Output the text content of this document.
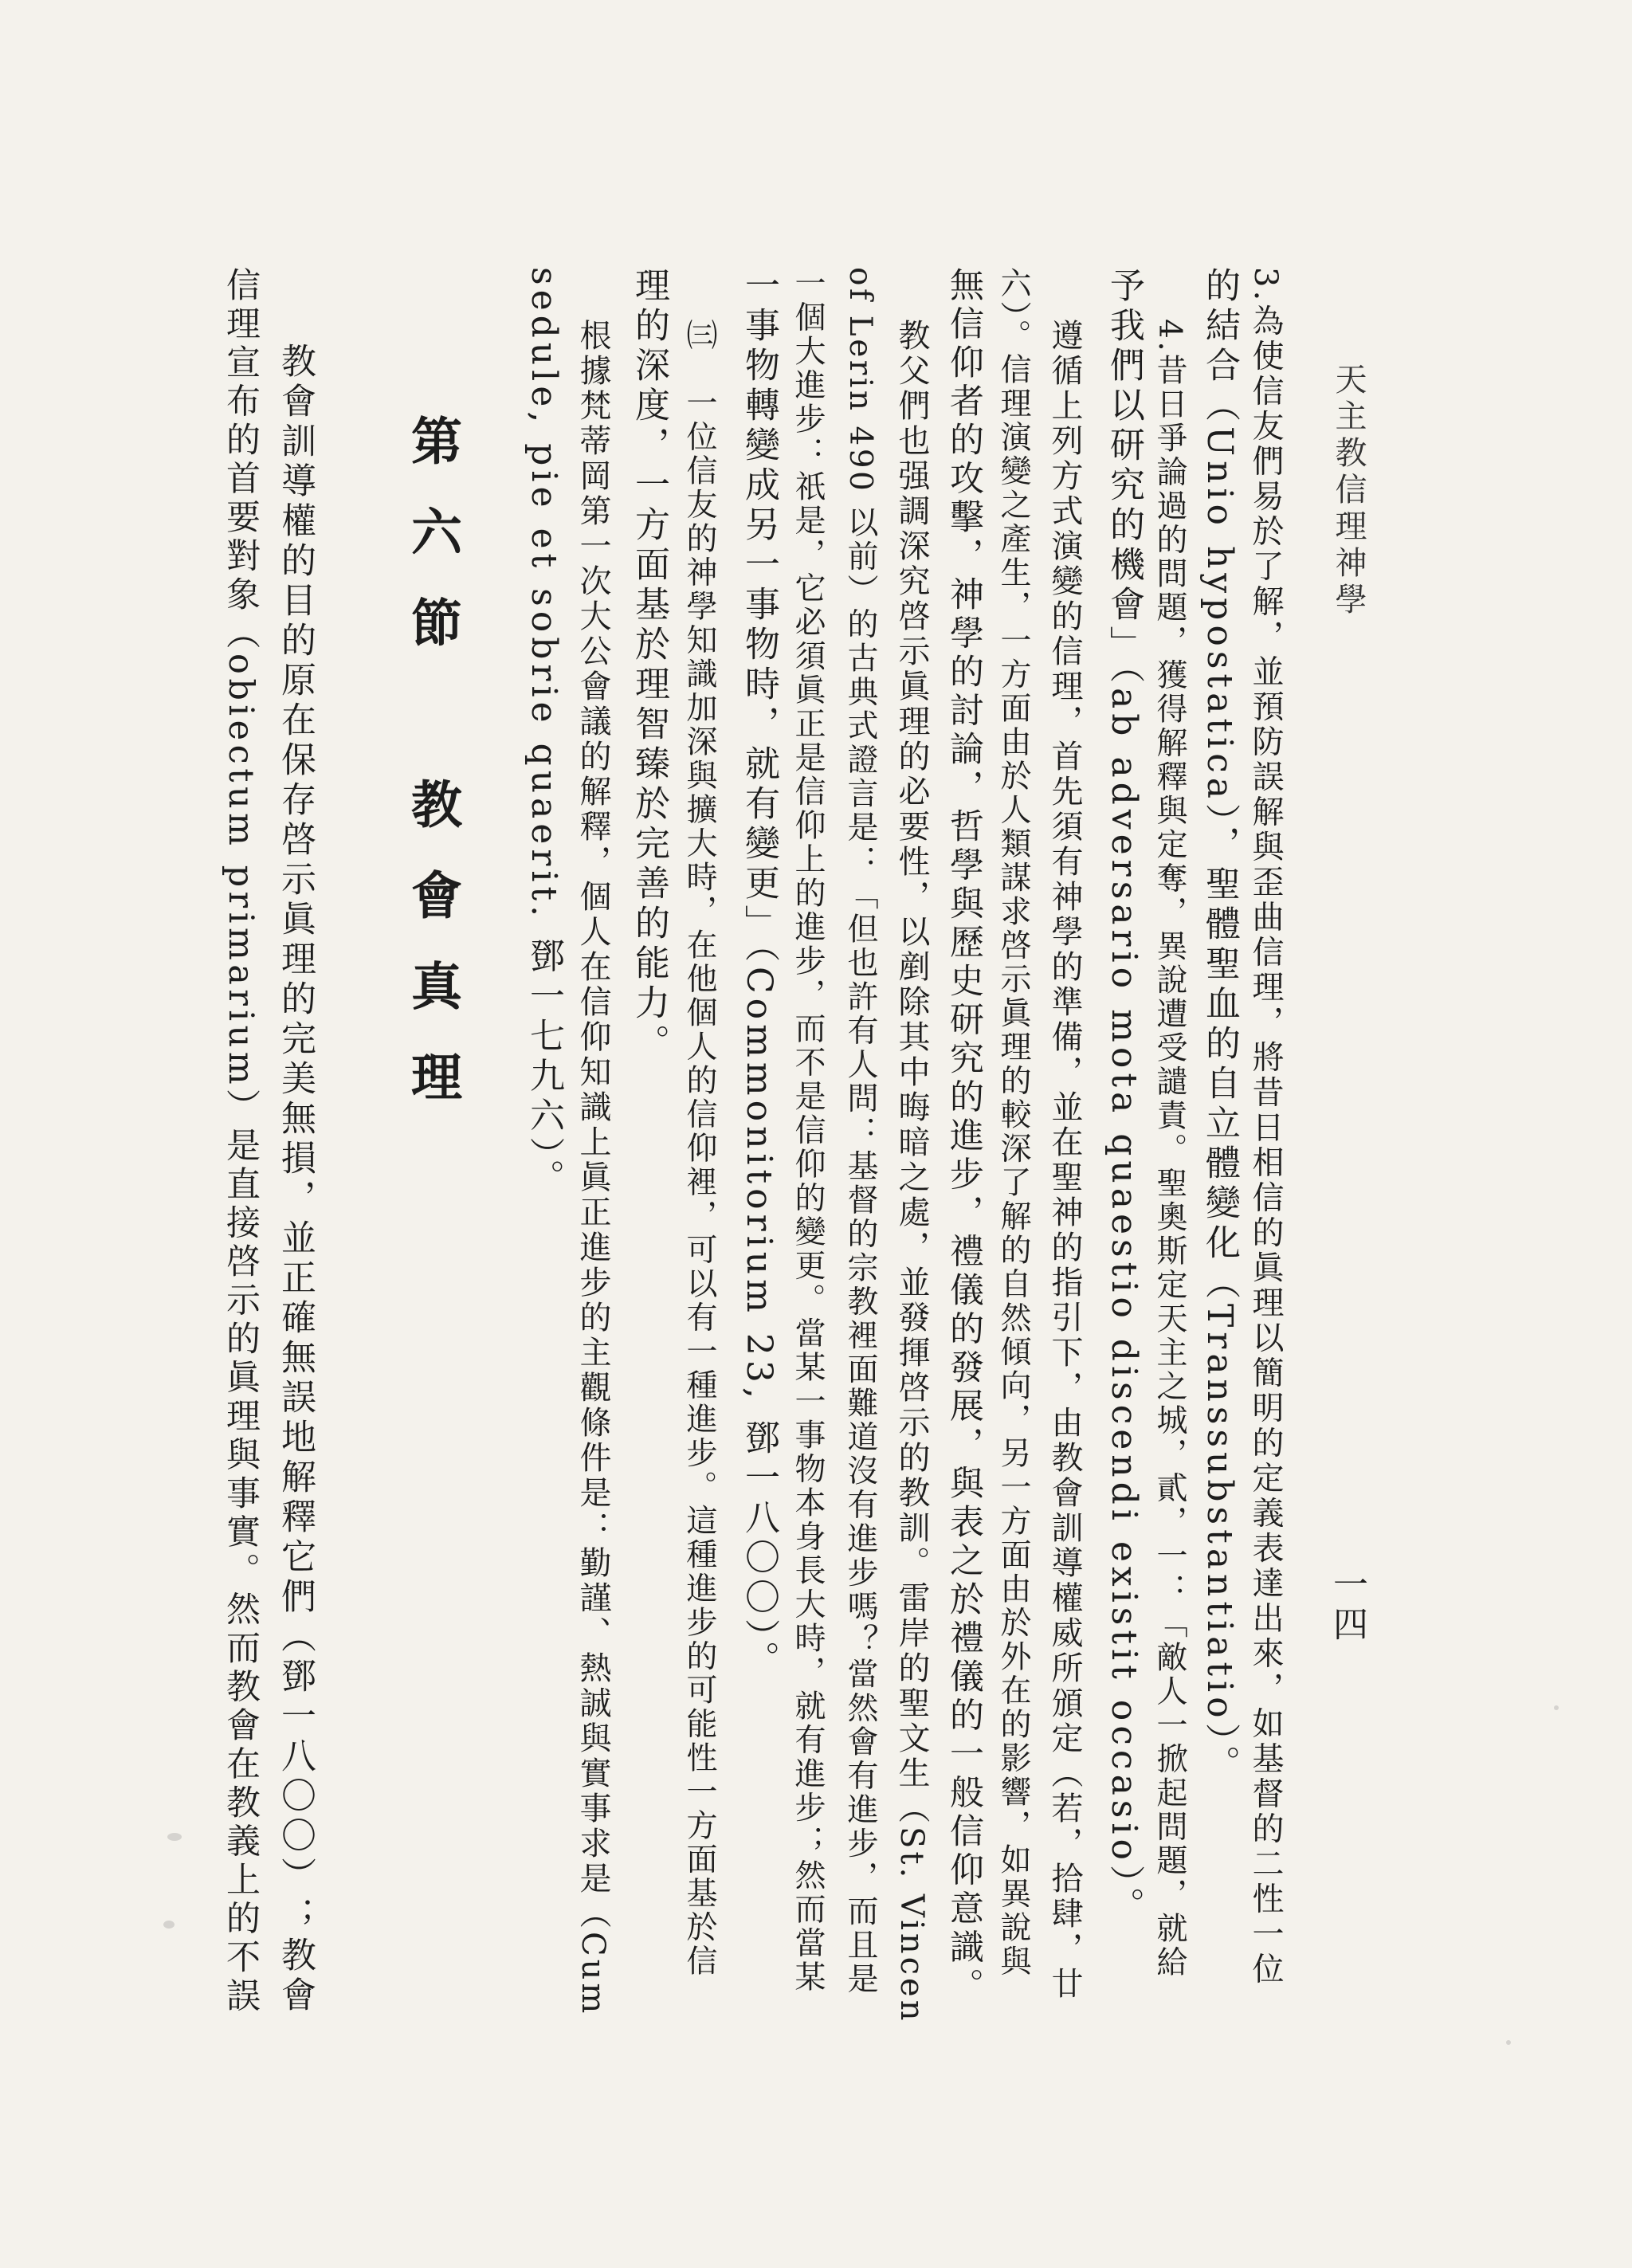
天主教信理神學
一四
3.為使信友們易於了解，並預防誤解與歪曲信理，將昔日相信的眞理以簡明的定義表達出來，如基督的二性一位
的結合（Unio hypostatica），聖體聖血的自立體變化（Transsubstantiatio）。
4.昔日爭論過的問題，獲得解釋與定奪，異說遭受譴責。聖奧斯定天主之城，貳，一：「敵人一掀起問題，就給
予我們以研究的機會」（ab adversario mota quaestio discendi existit occasio）。
遵循上列方式演變的信理，首先須有神學的準備，並在聖神的指引下，由教會訓導權威所頒定（若，拾肆，廿
六）。信理演變之產生，一方面由於人類謀求啓示眞理的較深了解的自然傾向，另一方面由於外在的影響，如異說與
無信仰者的攻擊，神學的討論，哲學與歷史研究的進步，禮儀的發展，與表之於禮儀的一般信仰意識。
教父們也强調深究啓示眞理的必要性，以剷除其中晦暗之處，並發揮啓示的教訓。雷岸的聖文生（St. Vincen
of Lerin 490 以前）的古典式證言是：「但也許有人問：基督的宗教裡面難道沒有進步嗎？當然會有進步，而且是
一個大進步：祇是，它必須眞正是信仰上的進步，而不是信仰的變更。當某一事物本身長大時，就有進步；然而當某
一事物轉變成另一事物時，就有變更」（Commonitorium 23, 鄧一八〇〇）。
㈢　一位信友的神學知識加深與擴大時，在他個人的信仰裡，可以有一種進步。這種進步的可能性一方面基於信
理的深度，一方面基於理智臻於完善的能力。
根據梵蒂岡第一次大公會議的解釋，個人在信仰知識上眞正進步的主觀條件是：勤謹、熱誠與實事求是（Cum
sedule, pie et sobrie quaerit. 鄧一七九六）。
第六節　教會真理
教會訓導權的目的原在保存啓示眞理的完美無損，並正確無誤地解釋它們（鄧一八〇〇）；教會
信理宣布的首要對象（obiectum primarium）是直接啓示的眞理與事實。然而教會在教義上的不誤
